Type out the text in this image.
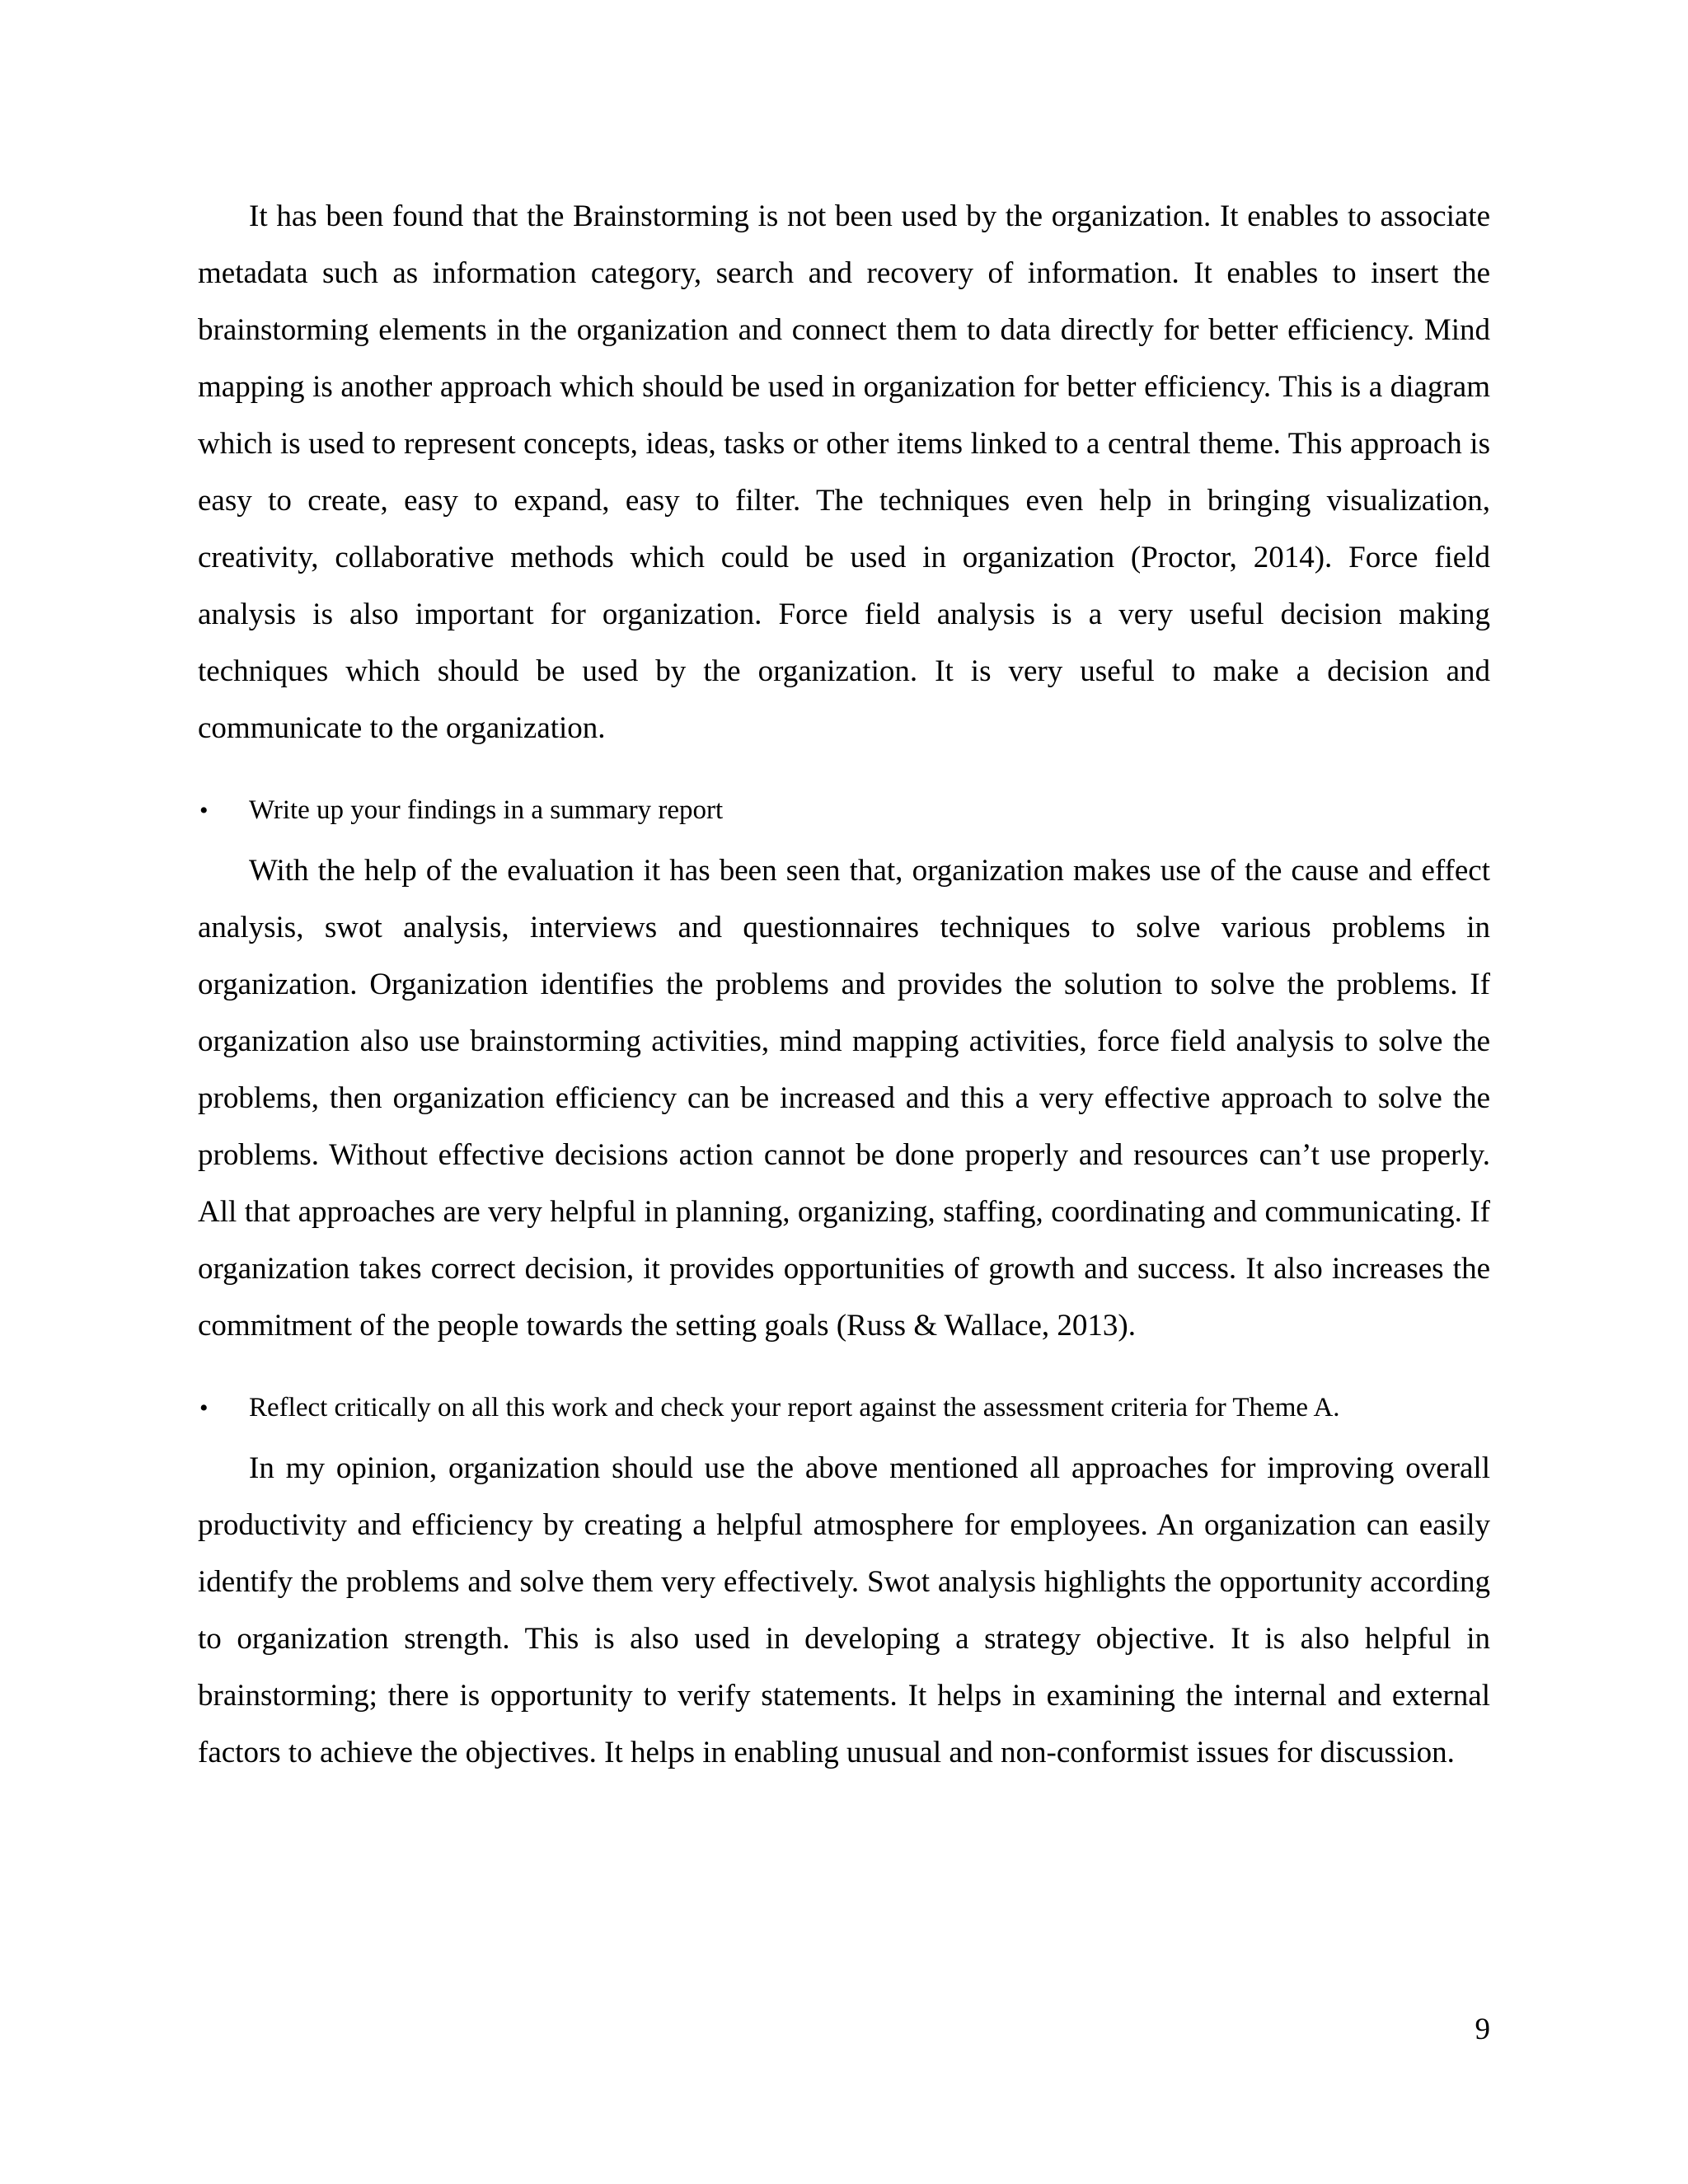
It has been found that the Brainstorming is not been used by the organization. It enables to associate metadata such as information category, search and recovery of information. It enables to insert the brainstorming elements in the organization and connect them to data directly for better efficiency. Mind mapping is another approach which should be used in organization for better efficiency. This is a diagram which is used to represent concepts, ideas, tasks or other items linked to a central theme. This approach is easy to create, easy to expand, easy to filter. The techniques even help in bringing visualization, creativity, collaborative methods which could be used in organization (Proctor, 2014). Force field analysis is also important for organization. Force field analysis is a very useful decision making techniques which should be used by the organization. It is very useful to make a decision and communicate to the organization.

• Write up your findings in a summary report

With the help of the evaluation it has been seen that, organization makes use of the cause and effect analysis, swot analysis, interviews and questionnaires techniques to solve various problems in organization. Organization identifies the problems and provides the solution to solve the problems. If organization also use brainstorming activities, mind mapping activities, force field analysis to solve the problems, then organization efficiency can be increased and this a very effective approach to solve the problems. Without effective decisions action cannot be done properly and resources can’t use properly. All that approaches are very helpful in planning, organizing, staffing, coordinating and communicating. If organization takes correct decision, it provides opportunities of growth and success. It also increases the commitment of the people towards the setting goals (Russ & Wallace, 2013).

• Reflect critically on all this work and check your report against the assessment criteria for Theme A.

In my opinion, organization should use the above mentioned all approaches for improving overall productivity and efficiency by creating a helpful atmosphere for employees. An organization can easily identify the problems and solve them very effectively. Swot analysis highlights the opportunity according to organization strength. This is also used in developing a strategy objective. It is also helpful in brainstorming; there is opportunity to verify statements. It helps in examining the internal and external factors to achieve the objectives. It helps in enabling unusual and non-conformist issues for discussion.

9
